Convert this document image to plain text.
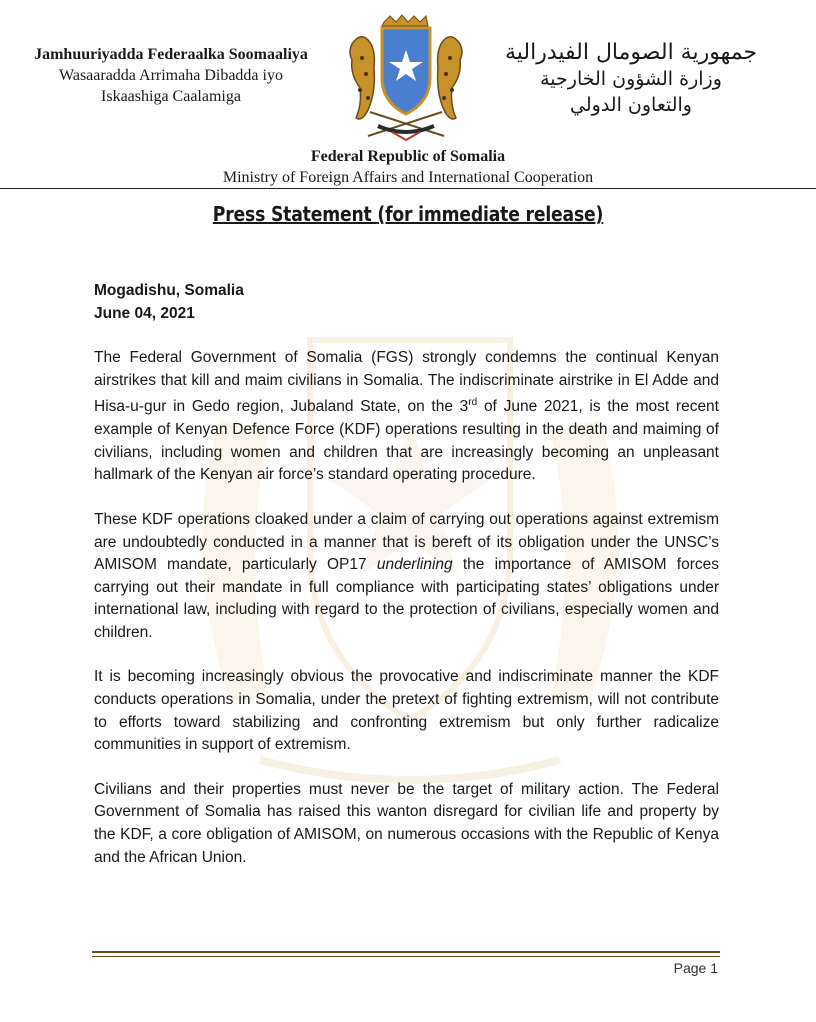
Jamhuuriyadda Federaalka Soomaaliya
Wasaaradda Arrimaha Dibadda iyo
Iskaashiga Caalamiga
جمهورية الصومال الفيدرالية
وزارة الشؤون الخارجية
والتعاون الدولي
Federal Republic of Somalia
Ministry of Foreign Affairs and International Cooperation
Press Statement (for immediate release)
Mogadishu, Somalia
June 04, 2021

The Federal Government of Somalia (FGS) strongly condemns the continual Kenyan airstrikes that kill and maim civilians in Somalia. The indiscriminate airstrike in El Adde and Hisa-u-gur in Gedo region, Jubaland State, on the 3rd of June 2021, is the most recent example of Kenyan Defence Force (KDF) operations resulting in the death and maiming of civilians, including women and children that are increasingly becoming an unpleasant hallmark of the Kenyan air force’s standard operating procedure.

These KDF operations cloaked under a claim of carrying out operations against extremism are undoubtedly conducted in a manner that is bereft of its obligation under the UNSC’s AMISOM mandate, particularly OP17 underlining the importance of AMISOM forces carrying out their mandate in full compliance with participating states’ obligations under international law, including with regard to the protection of civilians, especially women and children.

It is becoming increasingly obvious the provocative and indiscriminate manner the KDF conducts operations in Somalia, under the pretext of fighting extremism, will not contribute to efforts toward stabilizing and confronting extremism but only further radicalize communities in support of extremism.

Civilians and their properties must never be the target of military action. The Federal Government of Somalia has raised this wanton disregard for civilian life and property by the KDF, a core obligation of AMISOM, on numerous occasions with the Republic of Kenya and the African Union.

Page 1
